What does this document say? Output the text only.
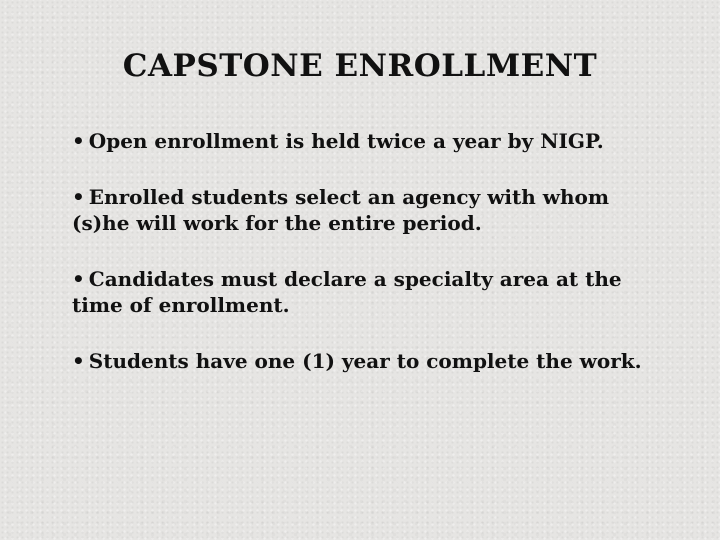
CAPSTONE ENROLLMENT
• Open enrollment is held twice a year by NIGP.
• Enrolled students select an agency with whom (s)he will work for the entire period.
• Candidates must declare a specialty area at the time of enrollment.
• Students have one (1) year to complete the work.
